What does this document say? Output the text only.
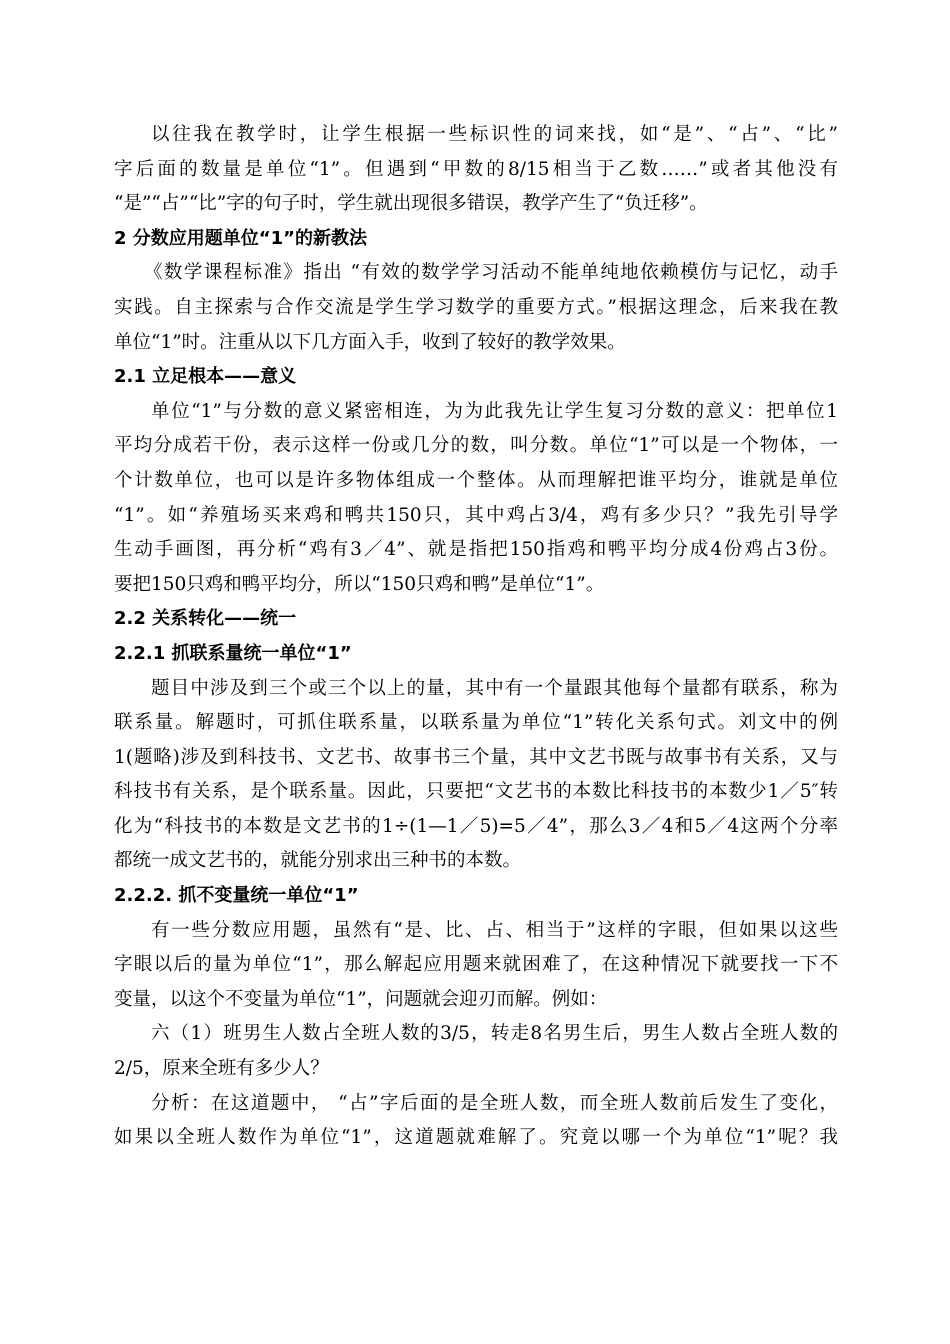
以往我在教学时，让学生根据一些标识性的词来找，如“是”、“占”、“比”
字后面的数量是单位“1”。但遇到“甲数的8/15相当于乙数……”或者其他没有
“是”“占”“比”字的句子时，学生就出现很多错误，教学产生了“负迁移”。
2 分数应用题单位“1”的新教法
《数学课程标准》指出 “有效的数学学习活动不能单纯地依赖模仿与记忆，动手
实践。自主探索与合作交流是学生学习数学的重要方式。”根据这理念，后来我在教
单位“1”时。注重从以下几方面入手，收到了较好的教学效果。
2.1 立足根本——意义
单位“1”与分数的意义紧密相连，为为此我先让学生复习分数的意义：把单位1
平均分成若干份，表示这样一份或几分的数，叫分数。单位“1”可以是一个物体，一
个计数单位，也可以是许多物体组成一个整体。从而理解把谁平均分，谁就是单位
“1”。如“养殖场买来鸡和鸭共150只，其中鸡占3/4，鸡有多少只？”我先引导学
生动手画图，再分析“鸡有3／4”、就是指把150指鸡和鸭平均分成4份鸡占3份。
要把150只鸡和鸭平均分，所以“150只鸡和鸭”是单位“1”。
2.2 关系转化——统一
2.2.1 抓联系量统一单位“1”
题目中涉及到三个或三个以上的量，其中有一个量跟其他每个量都有联系，称为
联系量。解题时，可抓住联系量，以联系量为单位“1”转化关系句式。刘文中的例
1(题略)涉及到科技书、文艺书、故事书三个量，其中文艺书既与故事书有关系，又与
科技书有关系，是个联系量。因此，只要把“文艺书的本数比科技书的本数少1／5″转
化为“科技书的本数是文艺书的1÷(1—1／5)=5／4”，那么3／4和5／4这两个分率
都统一成文艺书的，就能分别求出三种书的本数。
2.2.2. 抓不变量统一单位“1”
有一些分数应用题，虽然有“是、比、占、相当于”这样的字眼，但如果以这些
字眼以后的量为单位“1”，那么解起应用题来就困难了，在这种情况下就要找一下不
变量，以这个不变量为单位“1”，问题就会迎刃而解。例如：
六（1）班男生人数占全班人数的3/5，转走8名男生后，男生人数占全班人数的
2/5，原来全班有多少人？
分析：在这道题中， “占”字后面的是全班人数，而全班人数前后发生了变化，
如果以全班人数作为单位“1”，这道题就难解了。究竟以哪一个为单位“1”呢？我
